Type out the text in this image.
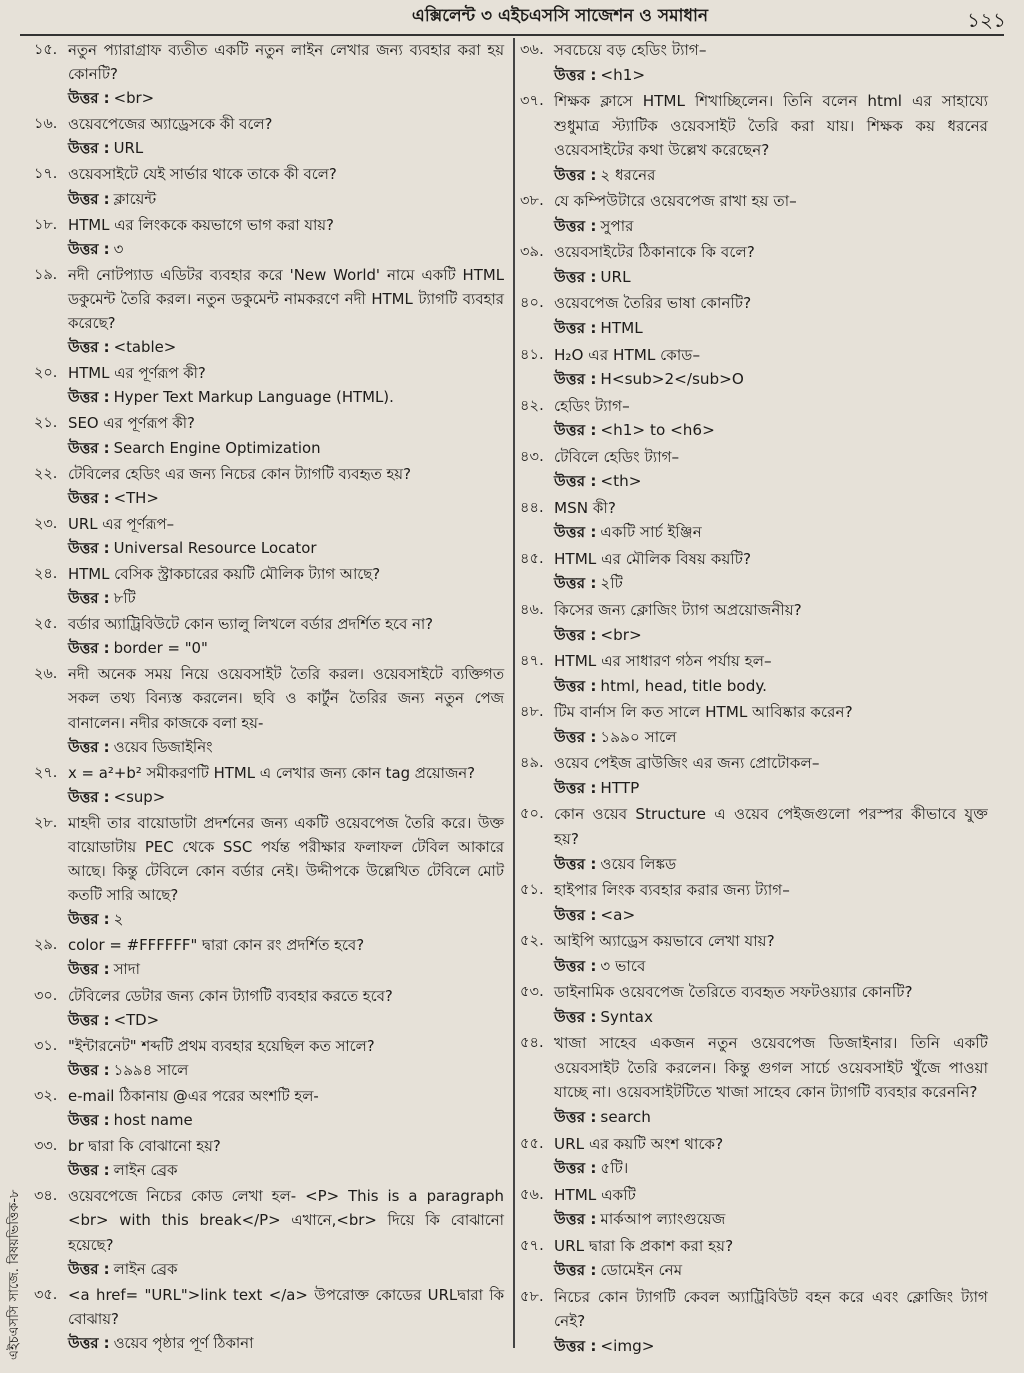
এক্সিলেন্ট ৩ এইচএসসি সাজেশন ও সমাধান	১২১
এইচএসসি সাজে. বিষয়ভিত্তিক-৮
১৫. নতুন প্যারাগ্রাফ ব্যতীত একটি নতুন লাইন লেখার জন্য ব্যবহার করা হয় কোনটি?
উত্তর : <br>
১৬. ওয়েবপেজের অ্যাড্রেসকে কী বলে?
উত্তর : URL
১৭. ওয়েবসাইটে যেই সার্ভার থাকে তাকে কী বলে?
উত্তর : ক্লায়েন্ট
১৮. HTML এর লিংককে কয়ভাগে ভাগ করা যায়?
উত্তর : ৩
১৯. নদী নোটপ্যাড এডিটর ব্যবহার করে 'New World' নামে একটি HTML ডকুমেন্ট তৈরি করল। নতুন ডকুমেন্ট নামকরণে নদী HTML ট্যাগটি ব্যবহার করেছে?
উত্তর : <table>
২০. HTML এর পূর্ণরূপ কী?
উত্তর : Hyper Text Markup Language (HTML).
২১. SEO এর পূর্ণরূপ কী?
উত্তর : Search Engine Optimization
২২. টেবিলের হেডিং এর জন্য নিচের কোন ট্যাগটি ব্যবহৃত হয়?
উত্তর : <TH>
২৩. URL এর পূর্ণরূপ–
উত্তর : Universal Resource Locator
২৪. HTML বেসিক স্ট্রাকচারের কয়টি মৌলিক ট্যাগ আছে?
উত্তর : ৮টি
২৫. বর্ডার অ্যাট্রিবিউটে কোন ভ্যালু লিখলে বর্ডার প্রদর্শিত হবে না?
উত্তর : border = "0"
২৬. নদী অনেক সময় নিয়ে ওয়েবসাইট তৈরি করল। ওয়েবসাইটে ব্যক্তিগত সকল তথ্য বিন্যস্ত করলেন। ছবি ও কার্টুন তৈরির জন্য নতুন পেজ বানালেন। নদীর কাজকে বলা হয়-
উত্তর : ওয়েব ডিজাইনিং
২৭. x = a²+b² সমীকরণটি HTML এ লেখার জন্য কোন tag প্রয়োজন?
উত্তর : <sup>
২৮. মাহদী তার বায়োডাটা প্রদর্শনের জন্য একটি ওয়েবপেজ তৈরি করে। উক্ত বায়োডাটায় PEC থেকে SSC পর্যন্ত পরীক্ষার ফলাফল টেবিল আকারে আছে। কিন্তু টেবিলে কোন বর্ডার নেই। উদ্দীপকে উল্লেখিত টেবিলে মোট কতটি সারি আছে?
উত্তর : ২
২৯. color = #FFFFFF" দ্বারা কোন রং প্রদর্শিত হবে?
উত্তর : সাদা
৩০. টেবিলের ডেটার জন্য কোন ট্যাগটি ব্যবহার করতে হবে?
উত্তর : <TD>
৩১. "ইন্টারনেট" শব্দটি প্রথম ব্যবহার হয়েছিল কত সালে?
উত্তর : ১৯৯৪ সালে
৩২. e-mail ঠিকানায় @এর পরের অংশটি হল-
উত্তর : host name
৩৩. br দ্বারা কি বোঝানো হয়?
উত্তর : লাইন ব্রেক
৩৪. ওয়েবপেজে নিচের কোড লেখা হল- <P> This is a paragraph <br> with this break</P> এখানে,<br> দিয়ে কি বোঝানো হয়েছে?
উত্তর : লাইন ব্রেক
৩৫. <a href= "URL">link text </a> উপরোক্ত কোডের URLদ্বারা কি বোঝায়?
উত্তর : ওয়েব পৃষ্ঠার পূর্ণ ঠিকানা
৩৬. সবচেয়ে বড় হেডিং ট্যাগ–
উত্তর : <h1>
৩৭. শিক্ষক ক্লাসে HTML শিখাচ্ছিলেন। তিনি বলেন html এর সাহায্যে শুধুমাত্র স্ট্যাটিক ওয়েবসাইট তৈরি করা যায়। শিক্ষক কয় ধরনের ওয়েবসাইটের কথা উল্লেখ করেছেন?
উত্তর : ২ ধরনের
৩৮. যে কম্পিউটারে ওয়েবপেজ রাখা হয় তা–
উত্তর : সুপার
৩৯. ওয়েবসাইটের ঠিকানাকে কি বলে?
উত্তর : URL
৪০. ওয়েবপেজ তৈরির ভাষা কোনটি?
উত্তর : HTML
৪১. H₂O এর HTML কোড–
উত্তর : H<sub>2</sub>O
৪২. হেডিং ট্যাগ–
উত্তর : <h1> to <h6>
৪৩. টেবিলে হেডিং ট্যাগ–
উত্তর : <th>
৪৪. MSN কী?
উত্তর : একটি সার্চ ইঞ্জিন
৪৫. HTML এর মৌলিক বিষয় কয়টি?
উত্তর : ২টি
৪৬. কিসের জন্য ক্লোজিং ট্যাগ অপ্রয়োজনীয়?
উত্তর : <br>
৪৭. HTML এর সাধারণ গঠন পর্যায় হল–
উত্তর : html, head, title body.
৪৮. টিম বার্নাস লি কত সালে HTML আবিষ্কার করেন?
উত্তর : ১৯৯০ সালে
৪৯. ওয়েব পেইজ ব্রাউজিং এর জন্য প্রোটোকল–
উত্তর : HTTP
৫০. কোন ওয়েব Structure এ ওয়েব পেইজগুলো পরস্পর কীভাবে যুক্ত হয়?
উত্তর : ওয়েব লিঙ্কড
৫১. হাইপার লিংক ব্যবহার করার জন্য ট্যাগ–
উত্তর : <a>
৫২. আইপি অ্যাড্রেস কয়ভাবে লেখা যায়?
উত্তর : ৩ ভাবে
৫৩. ডাইনামিক ওয়েবপেজ তৈরিতে ব্যবহৃত সফটওয়্যার কোনটি?
উত্তর : Syntax
৫৪. খাজা সাহেব একজন নতুন ওয়েবপেজ ডিজাইনার। তিনি একটি ওয়েবসাইট তৈরি করলেন। কিন্তু গুগল সার্চে ওয়েবসাইট খুঁজে পাওয়া যাচ্ছে না। ওয়েবসাইটটিতে খাজা সাহেব কোন ট্যাগটি ব্যবহার করেননি?
উত্তর : search
৫৫. URL এর কয়টি অংশ থাকে?
উত্তর : ৫টি।
৫৬. HTML একটি
উত্তর : মার্কআপ ল্যাংগুয়েজ
৫৭. URL দ্বারা কি প্রকাশ করা হয়?
উত্তর : ডোমেইন নেম
৫৮. নিচের কোন ট্যাগটি কেবল অ্যাট্রিবিউট বহন করে এবং ক্লোজিং ট্যাগ নেই?
উত্তর : <img>
